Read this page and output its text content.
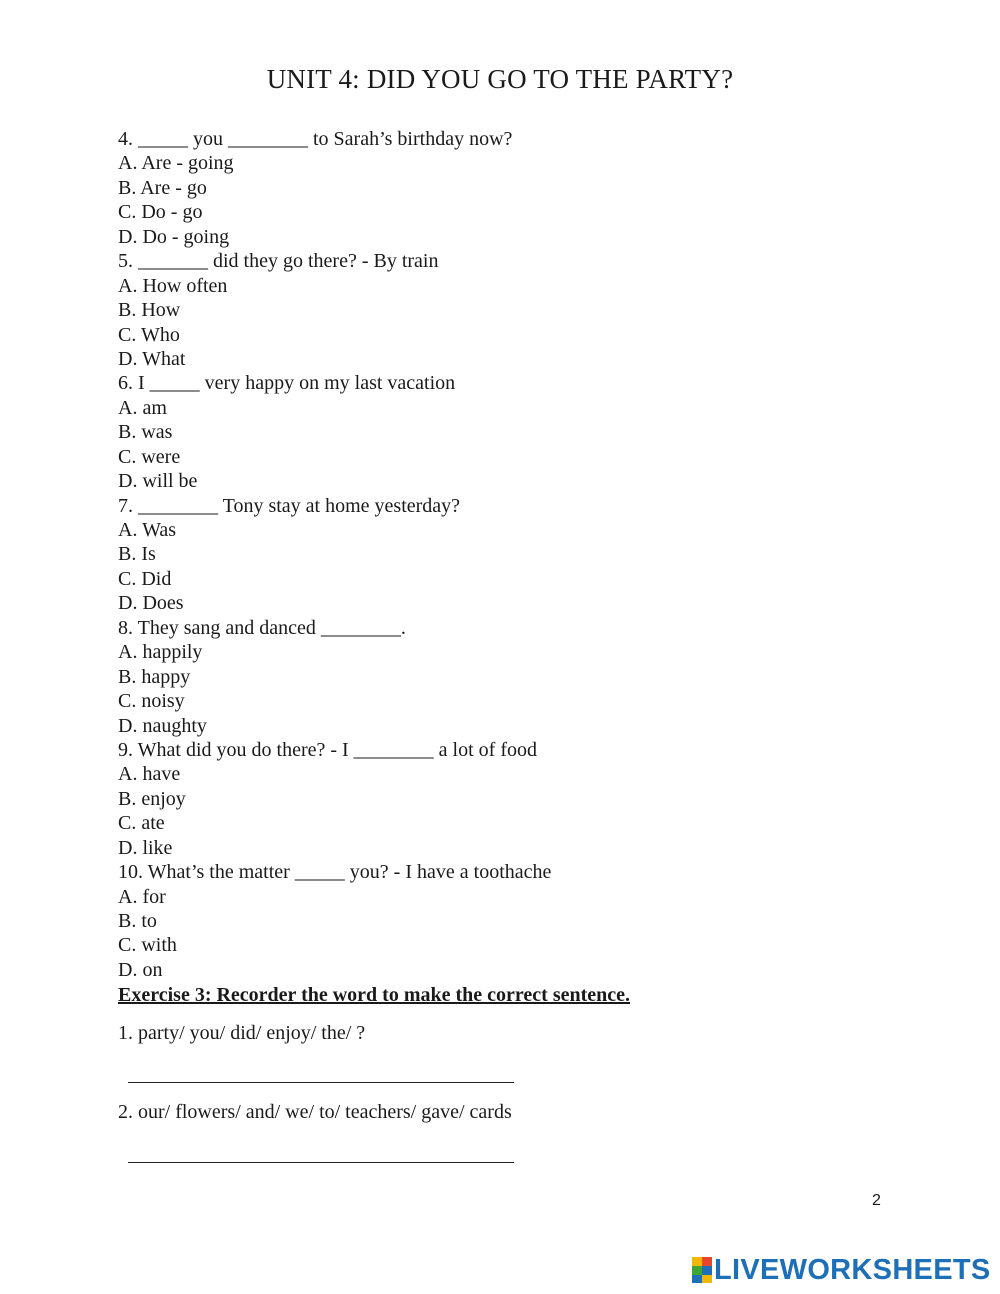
UNIT 4: DID YOU GO TO THE PARTY?
4. _____ you ________ to Sarah’s birthday now?
A. Are - going
B. Are - go
C. Do - go
D. Do - going
5. _______ did they go there? - By train
A. How often
B. How
C. Who
D. What
6. I _____ very happy on my last vacation
A. am
B. was
C. were
D. will be
7. ________ Tony stay at home yesterday?
A. Was
B. Is
C. Did
D. Does
8. They sang and danced ________.
A. happily
B. happy
C. noisy
D. naughty
9. What did you do there? - I ________ a lot of food
A. have
B. enjoy
C. ate
D. like
10. What’s the matter _____ you? - I have a toothache
A. for
B. to
C. with
D. on
Exercise 3: Recorder the word to make the correct sentence.
1. party/ you/ did/ enjoy/ the/ ?
2. our/ flowers/ and/ we/ to/ teachers/ gave/ cards
2
LIVEWORKSHEETS
